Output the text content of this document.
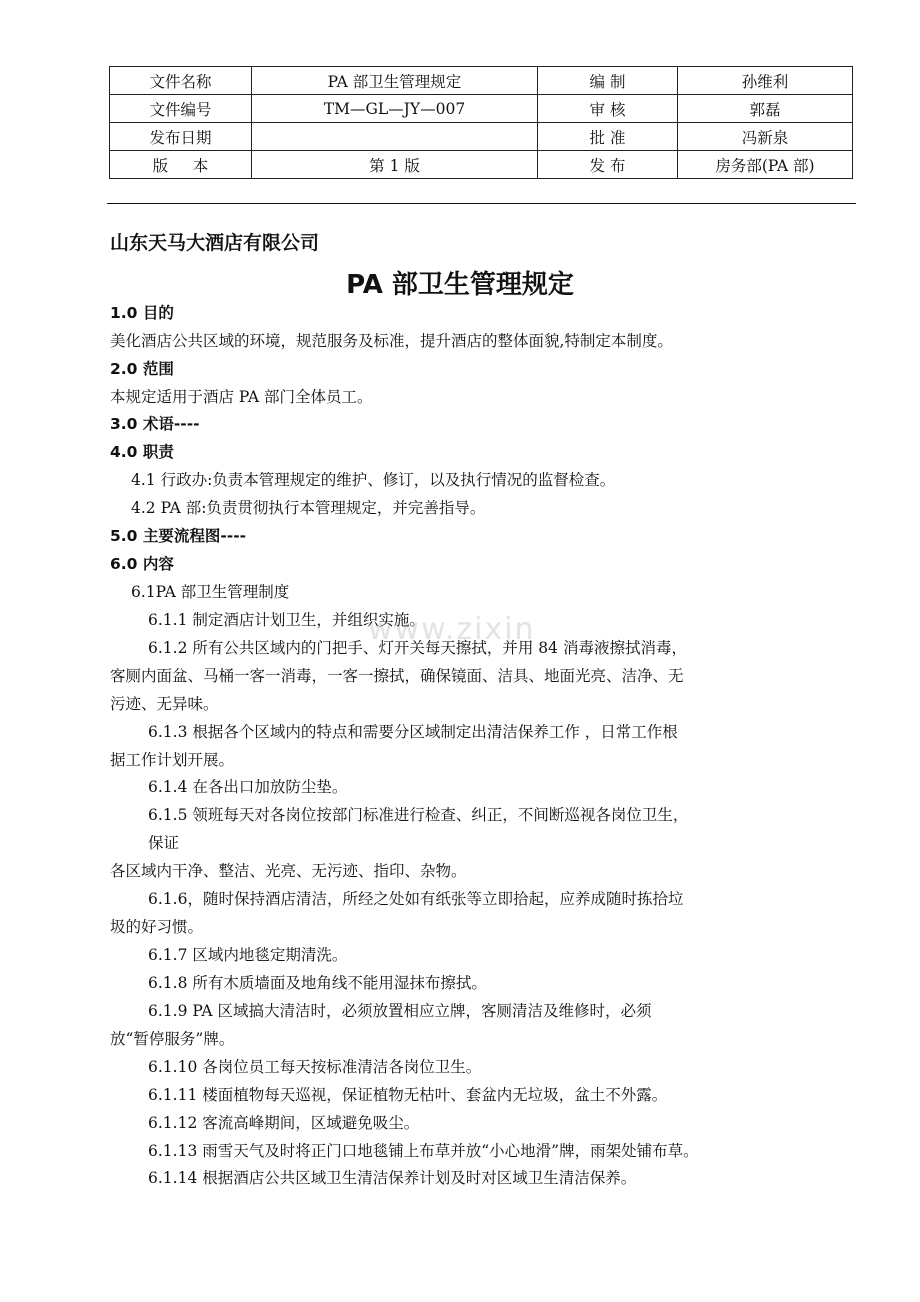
文件名称	PA 部卫生管理规定	编 制	孙维利
文件编号	TM—GL—JY—007	审 核	郭磊
发布日期		批 准	冯新泉
版     本	第 1 版	发 布	房务部(PA 部)
山东天马大酒店有限公司
PA 部卫生管理规定
www.zixin
1.0 目的
美化酒店公共区域的环境，规范服务及标准，提升酒店的整体面貌,特制定本制度。
2.0 范围
本规定适用于酒店 PA 部门全体员工。
3.0 术语----
4.0 职责
4.1 行政办:负责本管理规定的维护、修订，以及执行情况的监督检查。
4.2 PA 部:负责贯彻执行本管理规定，并完善指导。
5.0 主要流程图----
6.0 内容
6.1PA 部卫生管理制度
6.1.1 制定酒店计划卫生，并组织实施。
6.1.2 所有公共区域内的门把手、灯开关每天擦拭，并用 84 消毒液擦拭消毒，
客厕内面盆、马桶一客一消毒，一客一擦拭，确保镜面、洁具、地面光亮、洁净、无
污迹、无异味。
6.1.3 根据各个区域内的特点和需要分区域制定出清洁保养工作 ，日常工作根
据工作计划开展。
6.1.4 在各出口加放防尘垫。
6.1.5 领班每天对各岗位按部门标准进行检查、纠正，不间断巡视各岗位卫生，
保证
各区域内干净、整洁、光亮、无污迹、指印、杂物。
6.1.6，随时保持酒店清洁，所经之处如有纸张等立即拾起，应养成随时拣拾垃
圾的好习惯。
6.1.7 区域内地毯定期清洗。
6.1.8 所有木质墙面及地角线不能用湿抹布擦拭。
6.1.9 PA 区域搞大清洁时，必须放置相应立牌，客厕清洁及维修时，必须
放“暂停服务”牌。
6.1.10 各岗位员工每天按标准清洁各岗位卫生。
6.1.11 楼面植物每天巡视，保证植物无枯叶、套盆内无垃圾，盆土不外露。
6.1.12 客流高峰期间，区域避免吸尘。
6.1.13 雨雪天气及时将正门口地毯铺上布草并放“小心地滑”牌，雨架处铺布草。
6.1.14 根据酒店公共区域卫生清洁保养计划及时对区域卫生清洁保养。
